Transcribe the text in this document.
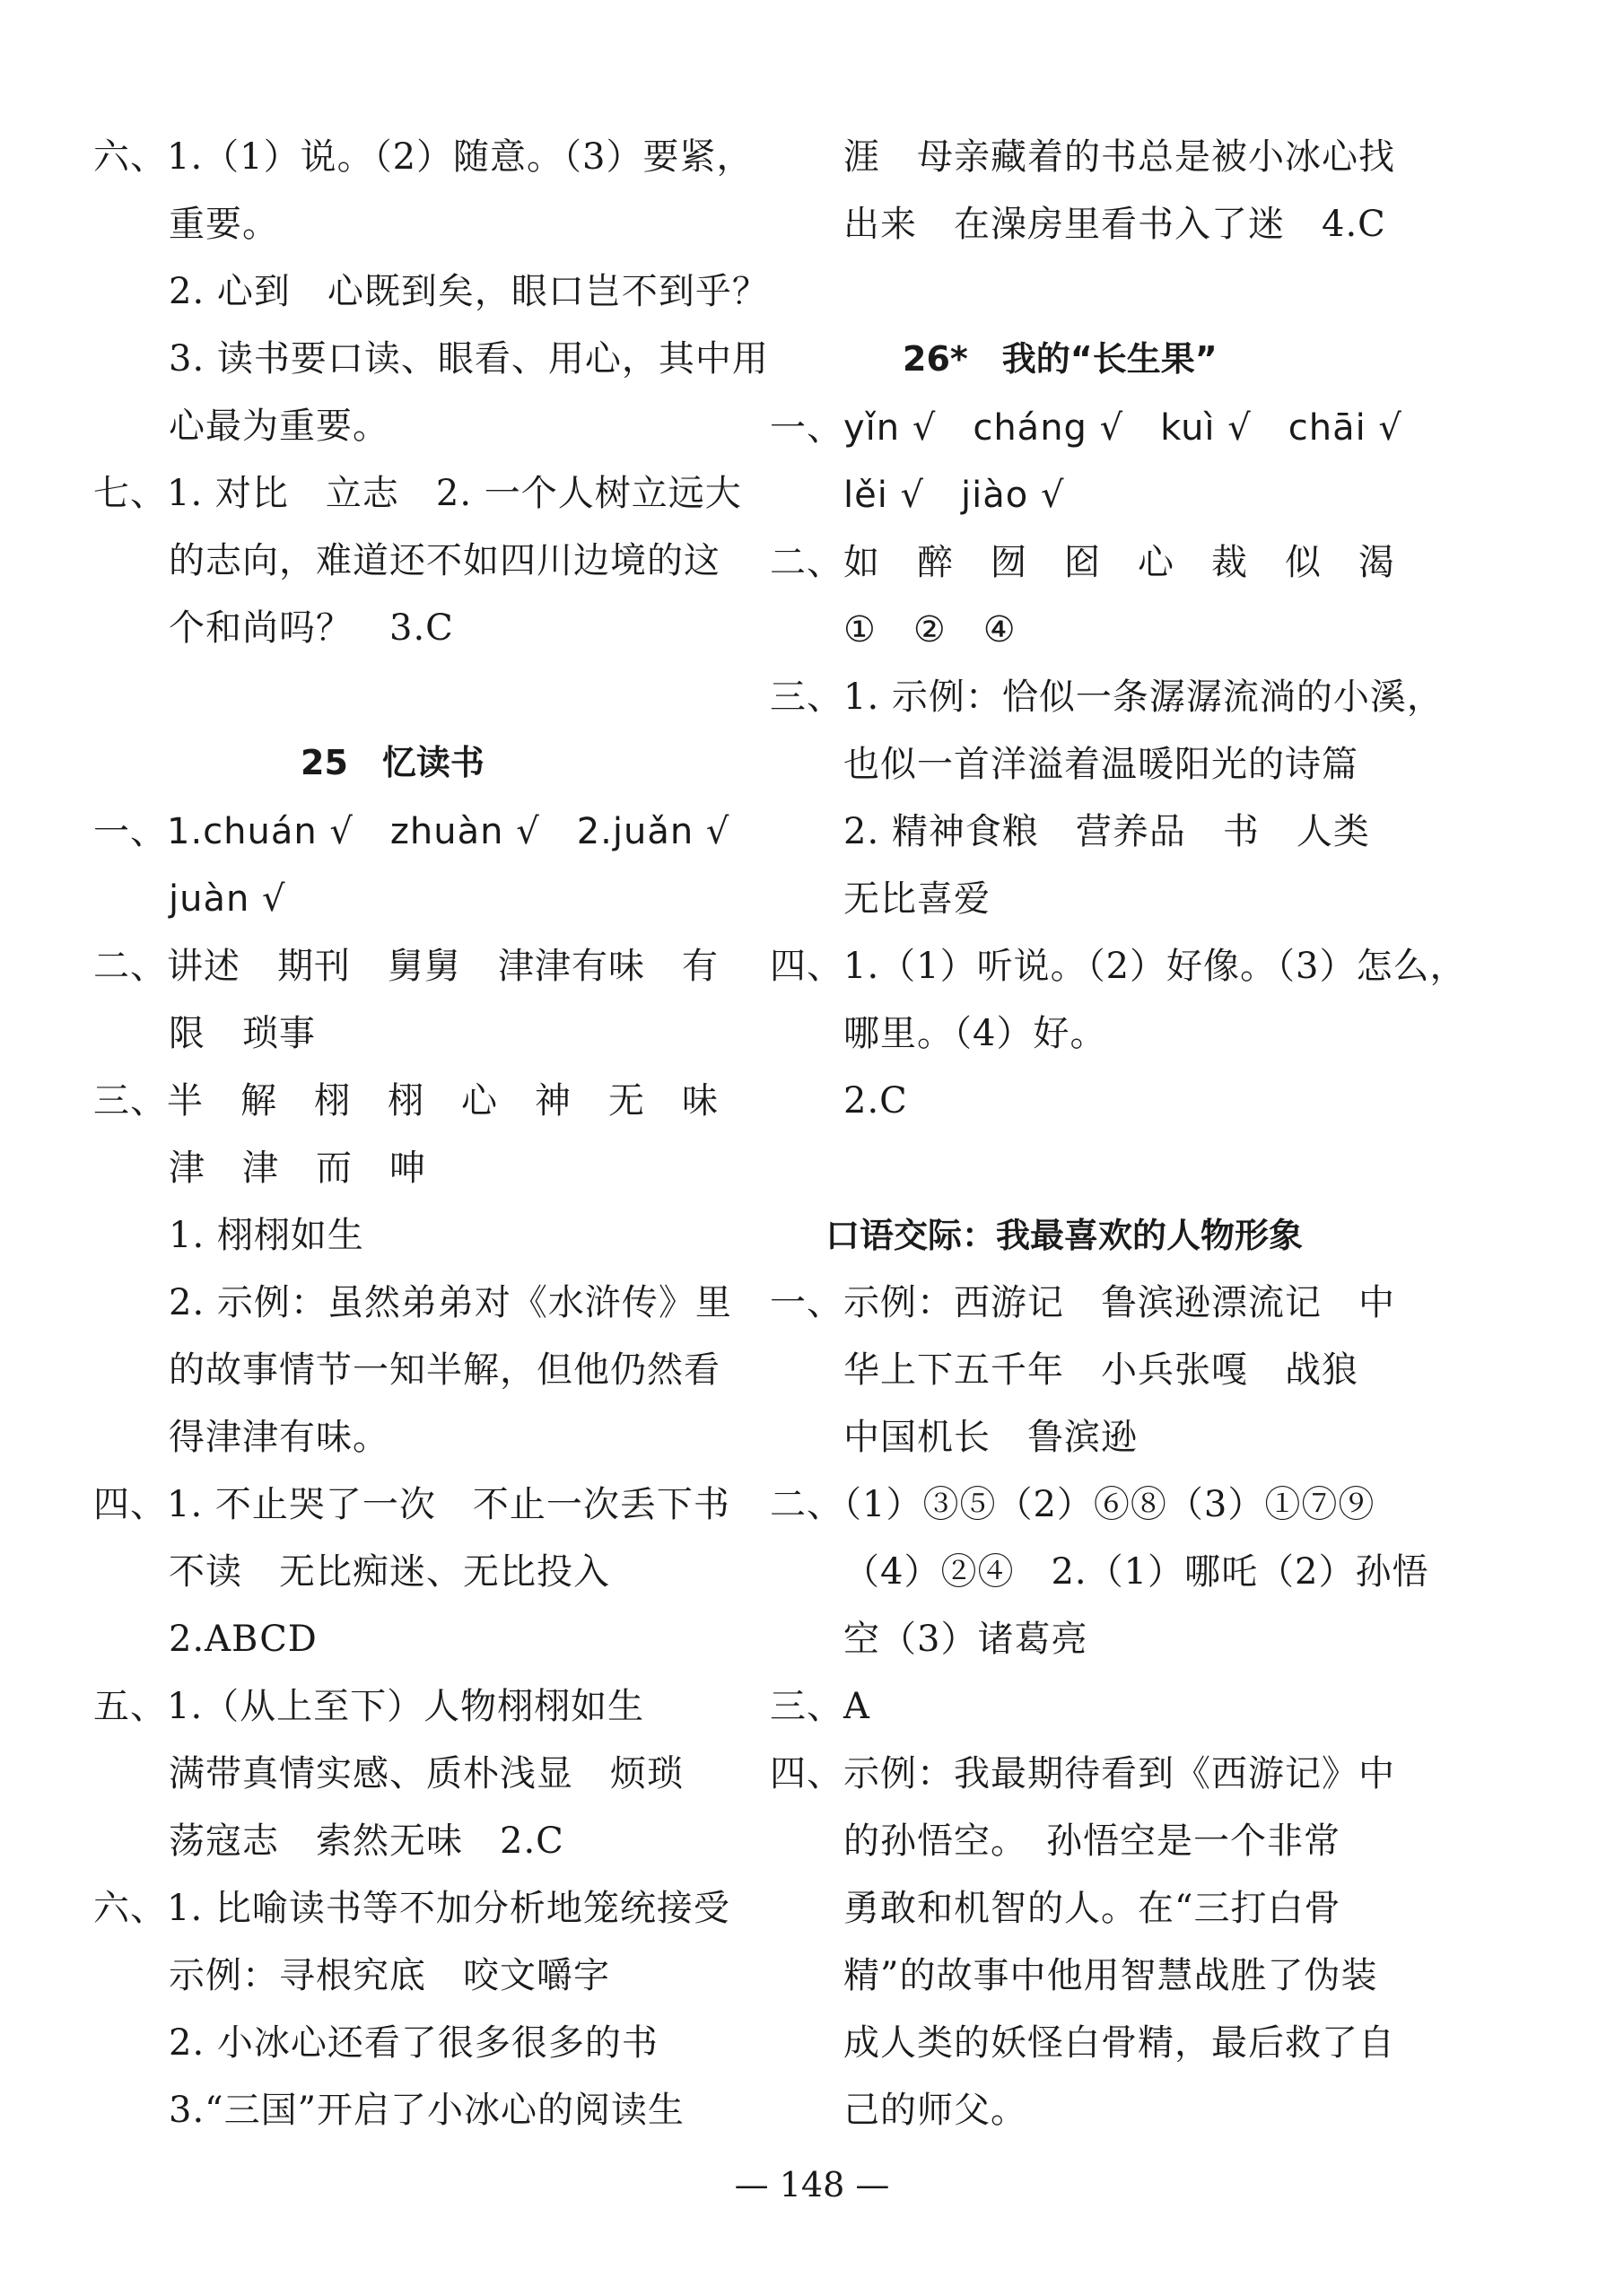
六、1.（1）说。（2）随意。（3）要紧，
重要。
2. 心到　心既到矣，眼口岂不到乎？
3. 读书要口读、眼看、用心，其中用
心最为重要。
七、1. 对比　立志　2. 一个人树立远大
的志向，难道还不如四川边境的这
个和尚吗？　3.C
25　忆读书
一、1.chuán √　zhuàn √　2.juǎn √
juàn √
二、讲述　期刊　舅舅　津津有味　有
限　琐事
三、半　解　栩　栩　心　神　无　味
津　津　而　呻
1. 栩栩如生
2. 示例：虽然弟弟对《水浒传》里
的故事情节一知半解，但他仍然看
得津津有味。
四、1. 不止哭了一次　不止一次丢下书
不读　无比痴迷、无比投入
2.ABCD
五、1.（从上至下）人物栩栩如生
满带真情实感、质朴浅显　烦琐
荡寇志　索然无味　2.C
六、1. 比喻读书等不加分析地笼统接受
示例：寻根究底　咬文嚼字
2. 小冰心还看了很多很多的书
3.“三国”开启了小冰心的阅读生
涯　母亲藏着的书总是被小冰心找
出来　在澡房里看书入了迷　4.C
26*　我的“长生果”
一、yǐn √　cháng √　kuì √　chāi √
lěi √　jiào √
二、如　醉　囫　囵　心　裁　似　渴
①　②　④
三、1. 示例：恰似一条潺潺流淌的小溪，
也似一首洋溢着温暖阳光的诗篇
2. 精神食粮　营养品　书　人类
无比喜爱
四、1.（1）听说。（2）好像。（3）怎么，
哪里。（4）好。
2.C
口语交际：我最喜欢的人物形象
一、示例：西游记　鲁滨逊漂流记　中
华上下五千年　小兵张嘎　战狼
中国机长　鲁滨逊
二、（1）③⑤（2）⑥⑧（3）①⑦⑨
（4）②④　2.（1）哪吒（2）孙悟
空（3）诸葛亮
三、A
四、示例：我最期待看到《西游记》中
的孙悟空。　孙悟空是一个非常
勇敢和机智的人。在“三打白骨
精”的故事中他用智慧战胜了伪装
成人类的妖怪白骨精，最后救了自
己的师父。
— 148 —
